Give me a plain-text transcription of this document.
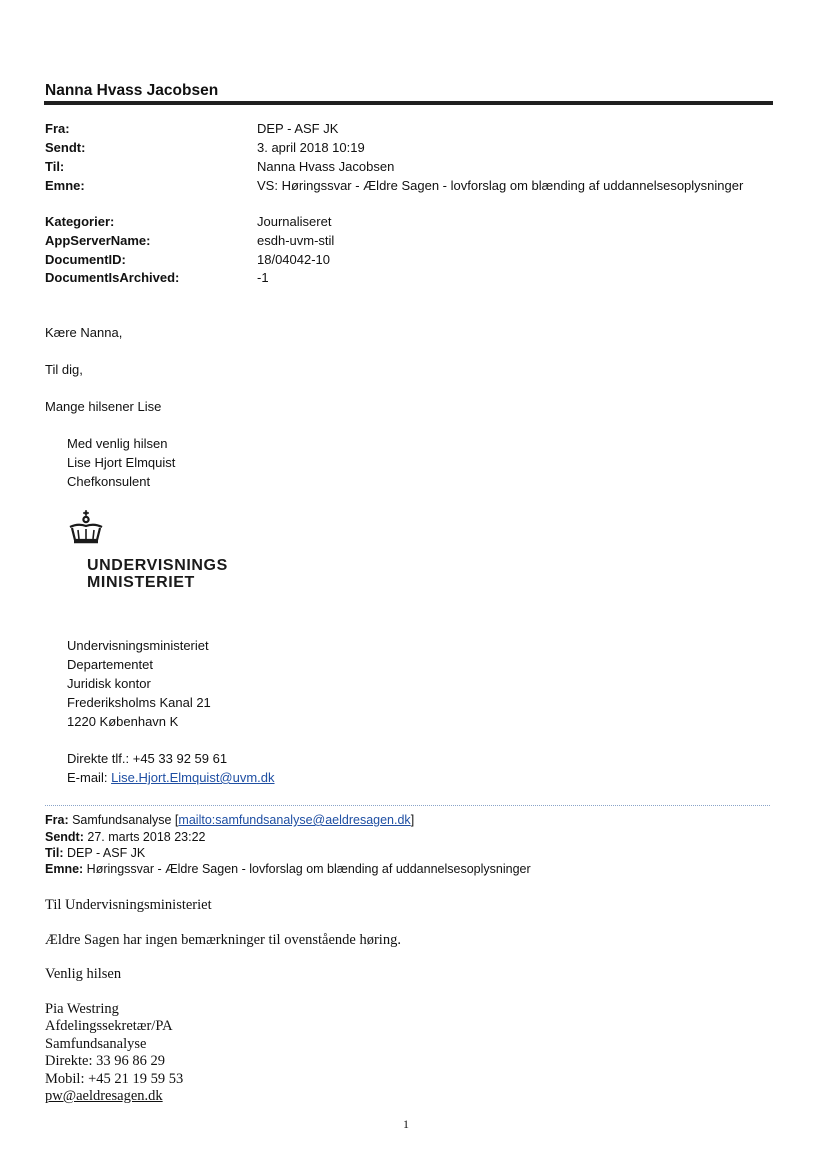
Nanna Hvass Jacobsen
Fra:	DEP - ASF JK
Sendt:	3. april 2018 10:19
Til:	Nanna Hvass Jacobsen
Emne:	VS: Høringssvar - Ældre Sagen - lovforslag om blænding af uddannelsesoplysninger
Kategorier:	Journaliseret
AppServerName:	esdh-uvm-stil
DocumentID:	18/04042-10
DocumentIsArchived:	-1
Kære Nanna,
Til dig,
Mange hilsener Lise
Med venlig hilsen
Lise Hjort Elmquist
Chefkonsulent
UNDERVISNINGS
MINISTERIET
Undervisningsministeriet
Departementet
Juridisk kontor
Frederiksholms Kanal 21
1220 København K
Direkte tlf.: +45 33 92 59 61
E-mail: Lise.Hjort.Elmquist@uvm.dk
Fra: Samfundsanalyse [mailto:samfundsanalyse@aeldresagen.dk]
Sendt: 27. marts 2018 23:22
Til: DEP - ASF JK
Emne: Høringssvar - Ældre Sagen - lovforslag om blænding af uddannelsesoplysninger
Til Undervisningsministeriet
Ældre Sagen har ingen bemærkninger til ovenstående høring.
Venlig hilsen
Pia Westring
Afdelingssekretær/PA
Samfundsanalyse
Direkte: 33 96 86 29
Mobil: +45 21 19 59 53
pw@aeldresagen.dk
1
